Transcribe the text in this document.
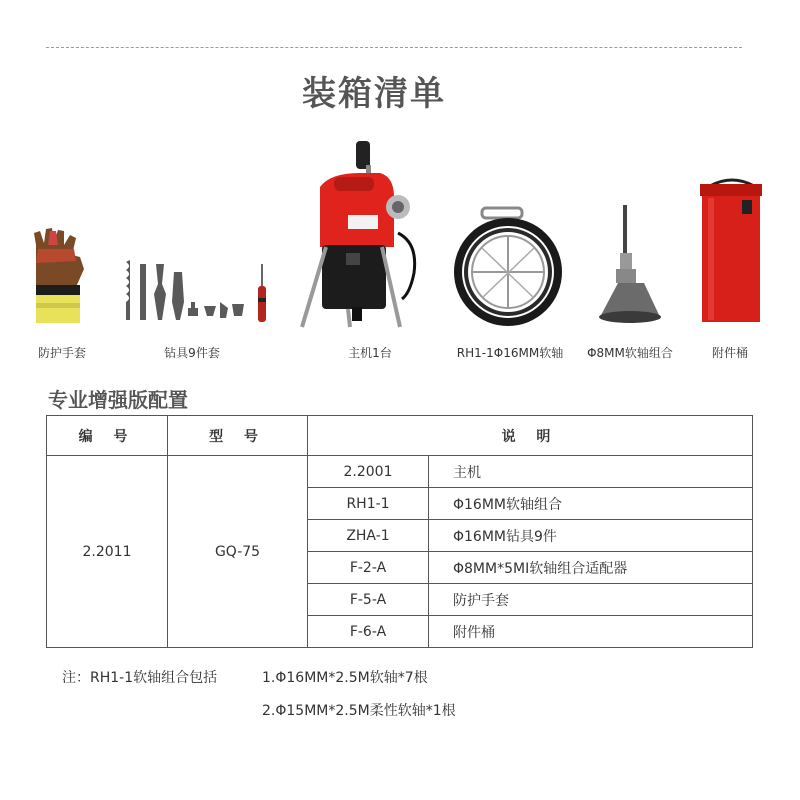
装箱清单
防护手套	钻具9件套	主机1台	RH1-1Φ16MM软轴 Φ8MM软轴组合	附件桶
专业增强版配置
编 号	型 号	说 明	
2.2011	GQ-75	2.2001	主机
		RH1-1	Φ16MM软轴组合
		ZHA-1	Φ16MM钻具9件
		F-2-A	Φ8MM*5MI软轴组合适配器
		F-5-A	防护手套
		F-6-A	附件桶
注：RH1-1软轴组合包括	1.Φ16MM*2.5M软轴*7根
2.Φ15MM*2.5M柔性软轴*1根
